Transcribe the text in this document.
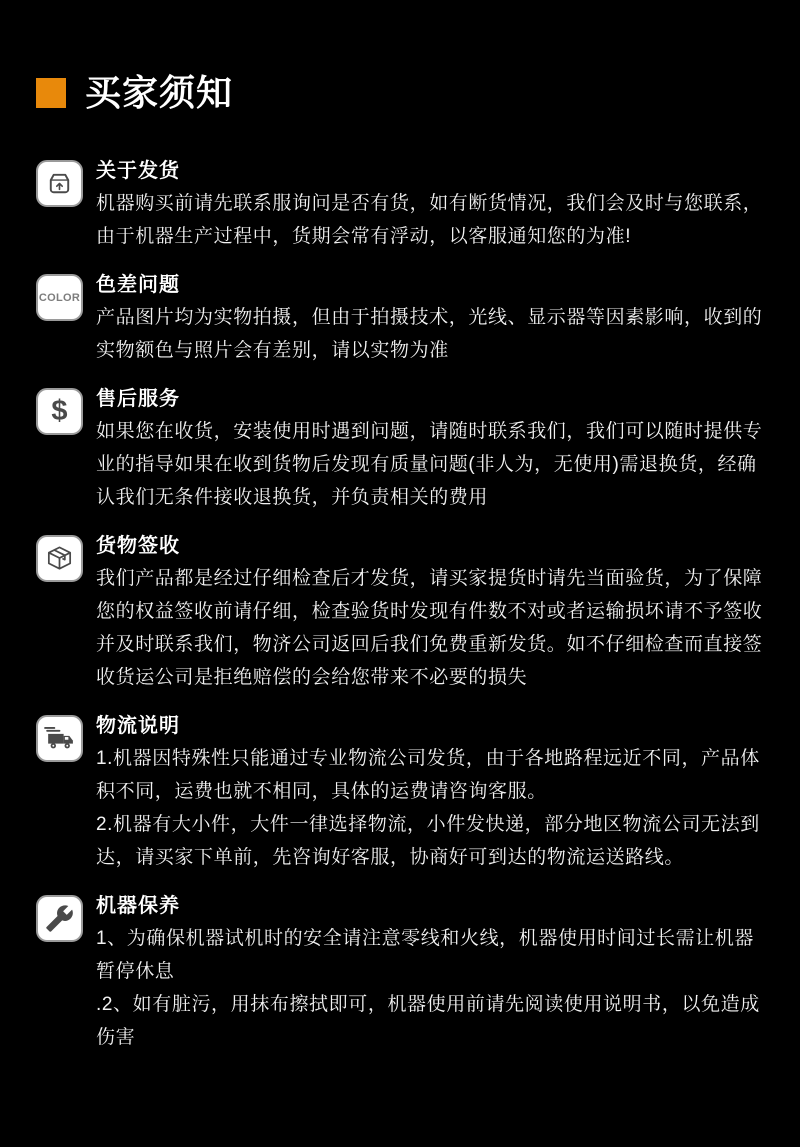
买家须知
关于发货
机器购买前请先联系服询问是否有货，如有断货情况，我们会及时与您联系，由于机器生产过程中，货期会常有浮动，以客服通知您的为准!
COLOR
色差问题
产品图片均为实物拍摄，但由于拍摄技术，光线、显示器等因素影响，收到的实物额色与照片会有差别，请以实物为准
$ 售后服务
如果您在收货，安装使用时遇到问题，请随时联系我们，我们可以随时提供专业的指导如果在收到货物后发现有质量问题(非人为，无使用)需退换货，经确认我们无条件接收退换货，并负责相关的费用
货物签收
我们产品都是经过仔细检查后才发货，请买家提货时请先当面验货，为了保障您的权益签收前请仔细，检查验货时发现有件数不对或者运输损坏请不予签收并及时联系我们，物济公司返回后我们免费重新发货。如不仔细检查而直接签收货运公司是拒绝赔偿的会给您带来不必要的损失
物流说明
1.机器因特殊性只能通过专业物流公司发货，由于各地路程远近不同，产品体积不同，运费也就不相同，具体的运费请咨询客服。
2.机器有大小件，大件一律选择物流，小件发快递，部分地区物流公司无法到达，请买家下单前，先咨询好客服，协商好可到达的物流运送路线。
机器保养
1、为确保机器试机时的安全请注意零线和火线，机器使用时间过长需让机器暂停休息
.2、如有脏污，用抹布擦拭即可，机器使用前请先阅读使用说明书，以免造成伤害
